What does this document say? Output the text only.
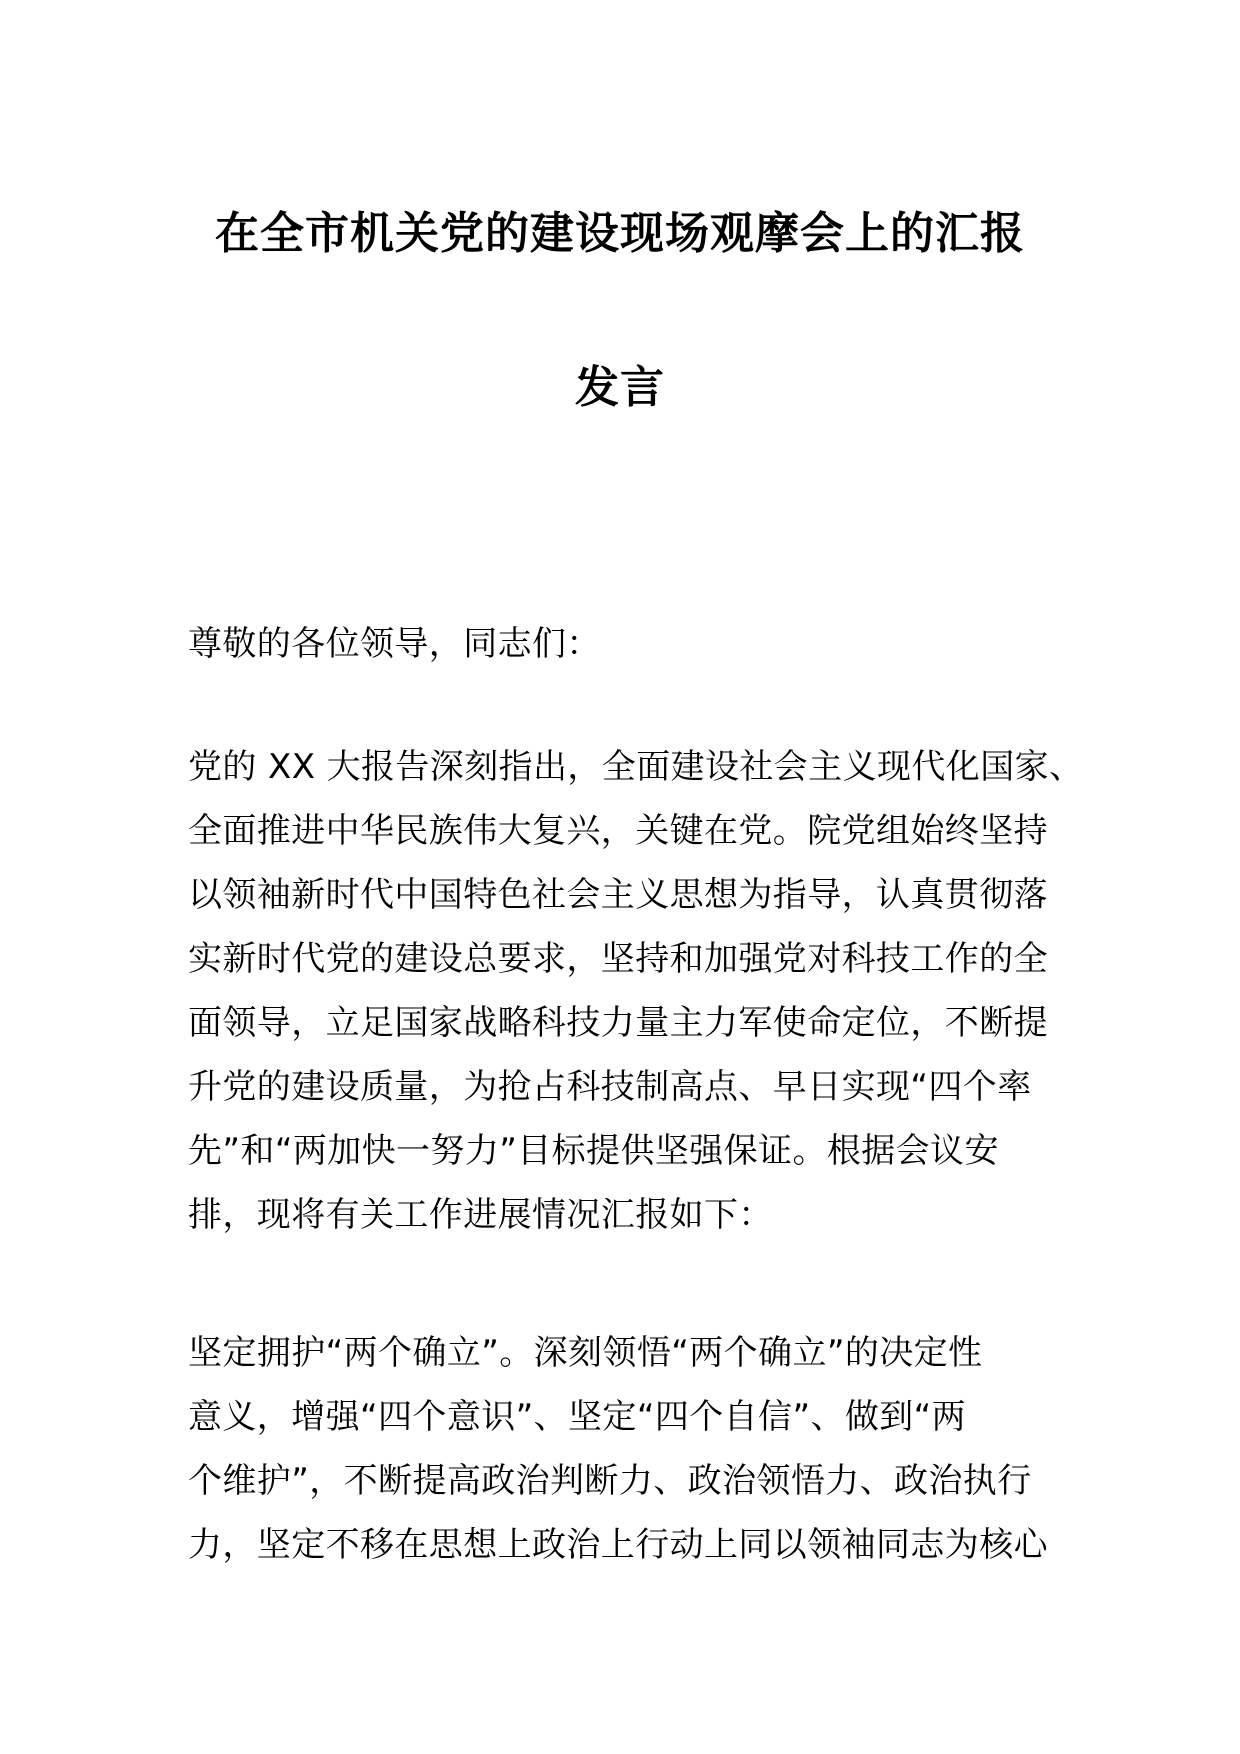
在全市机关党的建设现场观摩会上的汇报
发言
尊敬的各位领导，同志们：
党的 XX 大报告深刻指出，全面建设社会主义现代化国家、
全面推进中华民族伟大复兴，关键在党。院党组始终坚持
以领袖新时代中国特色社会主义思想为指导，认真贯彻落
实新时代党的建设总要求，坚持和加强党对科技工作的全
面领导，立足国家战略科技力量主力军使命定位，不断提
升党的建设质量，为抢占科技制高点、早日实现“四个率
先”和“两加快一努力”目标提供坚强保证。根据会议安
排，现将有关工作进展情况汇报如下：
坚定拥护“两个确立”。深刻领悟“两个确立”的决定性
意义，增强“四个意识”、坚定“四个自信”、做到“两
个维护”，不断提高政治判断力、政治领悟力、政治执行
力，坚定不移在思想上政治上行动上同以领袖同志为核心
